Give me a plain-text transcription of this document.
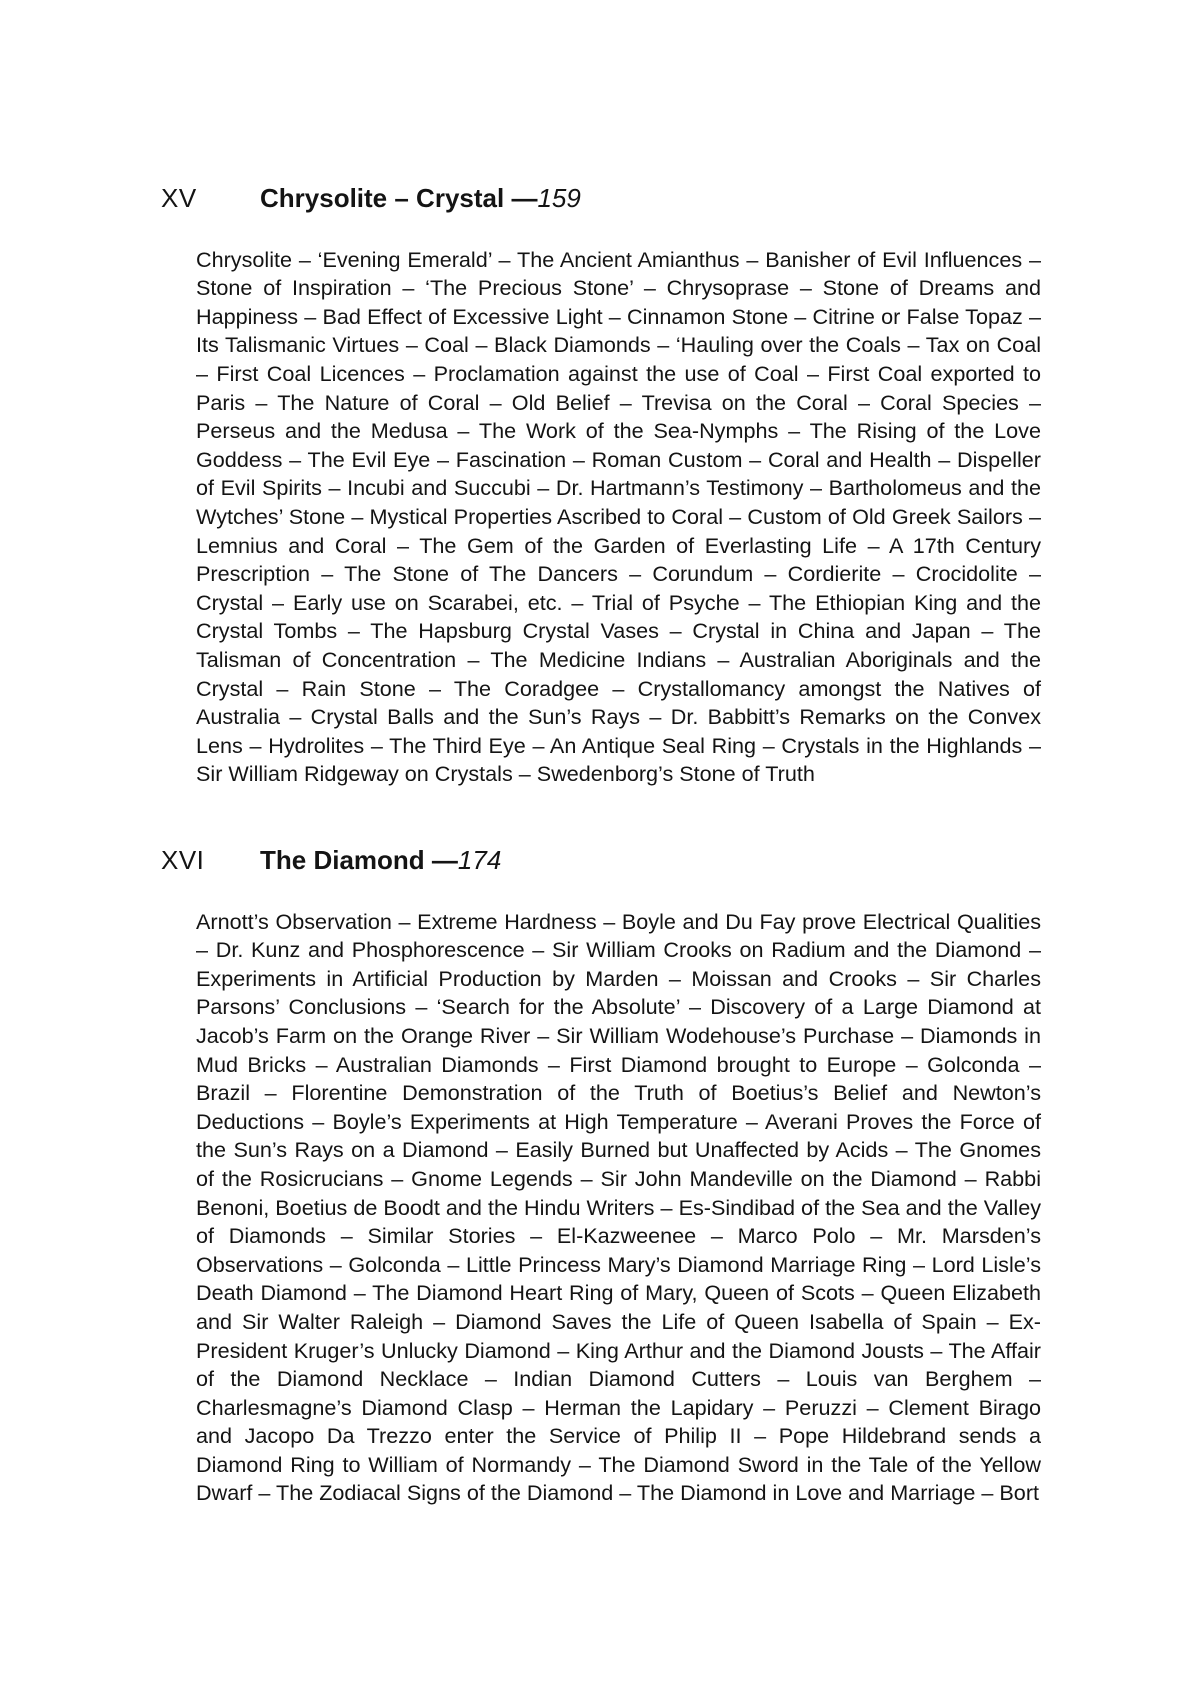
XV Chrysolite – Crystal —159

Chrysolite – ‘Evening Emerald’ – The Ancient Amianthus – Banisher of Evil Influences – Stone of Inspiration – ‘The Precious Stone’ – Chrysoprase – Stone of Dreams and Happiness – Bad Effect of Excessive Light – Cinnamon Stone – Citrine or False Topaz – Its Talismanic Virtues – Coal – Black Diamonds – ‘Hauling over the Coals – Tax on Coal – First Coal Licences – Proclamation against the use of Coal – First Coal exported to Paris – The Nature of Coral – Old Belief – Trevisa on the Coral – Coral Species – Perseus and the Medusa – The Work of the Sea-Nymphs – The Rising of the Love Goddess – The Evil Eye – Fascination – Roman Custom – Coral and Health – Dispeller of Evil Spirits – Incubi and Succubi – Dr. Hartmann’s Testimony – Bartholomeus and the Wytches’ Stone – Mystical Properties Ascribed to Coral – Custom of Old Greek Sailors – Lemnius and Coral – The Gem of the Garden of Everlasting Life – A 17th Century Prescription – The Stone of The Dancers – Corundum – Cordierite – Crocidolite – Crystal – Early use on Scarabei, etc. – Trial of Psyche – The Ethiopian King and the Crystal Tombs – The Hapsburg Crystal Vases – Crystal in China and Japan – The Talisman of Concentration – The Medicine Indians – Australian Aboriginals and the Crystal – Rain Stone – The Coradgee – Crystallomancy amongst the Natives of Australia – Crystal Balls and the Sun’s Rays – Dr. Babbitt’s Remarks on the Convex Lens – Hydrolites – The Third Eye – An Antique Seal Ring – Crystals in the Highlands – Sir William Ridgeway on Crystals – Swedenborg’s Stone of Truth

XVI The Diamond —174

Arnott’s Observation – Extreme Hardness – Boyle and Du Fay prove Electrical Qualities – Dr. Kunz and Phosphorescence – Sir William Crooks on Radium and the Diamond – Experiments in Artificial Production by Marden – Moissan and Crooks – Sir Charles Parsons’ Conclusions – ‘Search for the Absolute’ – Discovery of a Large Diamond at Jacob’s Farm on the Orange River – Sir William Wodehouse’s Purchase – Diamonds in Mud Bricks – Australian Diamonds – First Diamond brought to Europe – Golconda – Brazil – Florentine Demonstration of the Truth of Boetius’s Belief and Newton’s Deductions – Boyle’s Experiments at High Temperature – Averani Proves the Force of the Sun’s Rays on a Diamond – Easily Burned but Unaffected by Acids – The Gnomes of the Rosicrucians – Gnome Legends – Sir John Mandeville on the Diamond – Rabbi Benoni, Boetius de Boodt and the Hindu Writers – Es-Sindibad of the Sea and the Valley of Diamonds – Similar Stories – El-Kazweenee – Marco Polo – Mr. Marsden’s Observations – Golconda – Little Princess Mary’s Diamond Marriage Ring – Lord Lisle’s Death Diamond – The Diamond Heart Ring of Mary, Queen of Scots – Queen Elizabeth and Sir Walter Raleigh – Diamond Saves the Life of Queen Isabella of Spain – Ex-President Kruger’s Unlucky Diamond – King Arthur and the Diamond Jousts – The Affair of the Diamond Necklace – Indian Diamond Cutters – Louis van Berghem – Charlesmagne’s Diamond Clasp – Herman the Lapidary – Peruzzi – Clement Birago and Jacopo Da Trezzo enter the Service of Philip II – Pope Hildebrand sends a Diamond Ring to William of Normandy – The Diamond Sword in the Tale of the Yellow Dwarf – The Zodiacal Signs of the Diamond – The Diamond in Love and Marriage – Bort
